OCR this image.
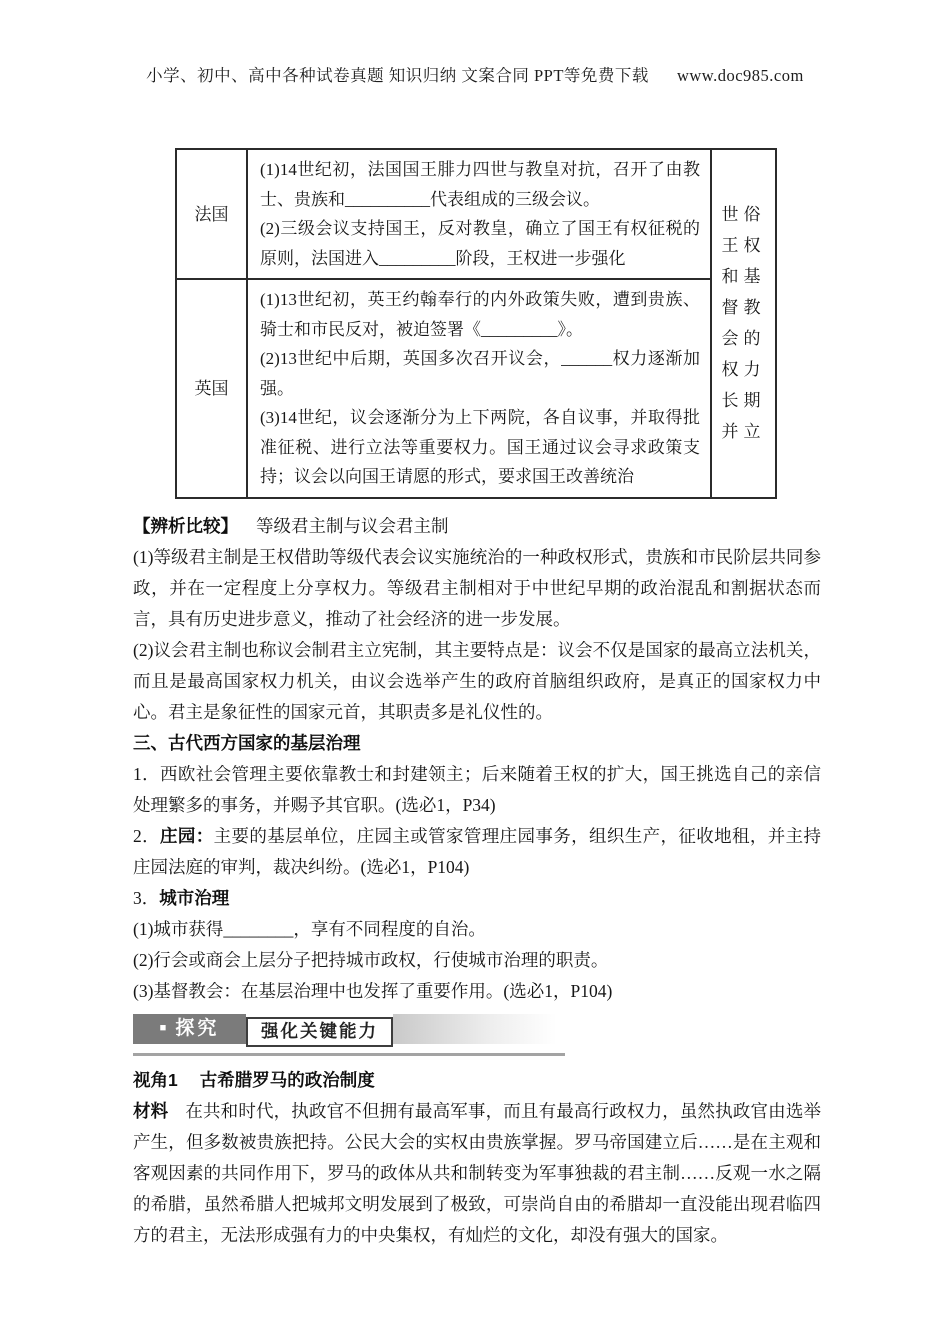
小学、初中、高中各种试卷真题 知识归纳 文案合同 PPT等免费下载 www.doc985.com
法国	(1)14世纪初，法国国王腓力四世与教皇对抗，召开了由教士、贵族和__________代表组成的三级会议。

(2)三级会议支持国王，反对教皇，确立了国王有权征税的原则，法国进入_________阶段，王权进一步强化	世俗王权和基督教会的权力长期并立

英国	(1)13世纪初，英王约翰奉行的内外政策失败，遭到贵族、骑士和市民反对，被迫签署《_________》。

(2)13世纪中后期，英国多次召开议会，______权力逐渐加强。

(3)14世纪，议会逐渐分为上下两院，各自议事，并取得批准征税、进行立法等重要权力。国王通过议会寻求政策支持；议会以向国王请愿的形式，要求国王改善统治	

【辨析比较】 等级君主制与议会君主制

(1)等级君主制是王权借助等级代表会议实施统治的一种政权形式，贵族和市民阶层共同参政，并在一定程度上分享权力。等级君主制相对于中世纪早期的政治混乱和割据状态而言，具有历史进步意义，推动了社会经济的进一步发展。

(2)议会君主制也称议会制君主立宪制，其主要特点是：议会不仅是国家的最高立法机关，而且是最高国家权力机关，由议会选举产生的政府首脑组织政府，是真正的国家权力中心。君主是象征性的国家元首，其职责多是礼仪性的。

三、古代西方国家的基层治理

1．西欧社会管理主要依靠教士和封建领主；后来随着王权的扩大，国王挑选自己的亲信处理繁多的事务，并赐予其官职。(选必1，P34)

2．庄园：主要的基层单位，庄园主或管家管理庄园事务，组织生产，征收地租，并主持庄园法庭的审判，裁决纠纷。(选必1，P104)

3．城市治理

(1)城市获得________，享有不同程度的自治。

(2)行会或商会上层分子把持城市政权，行使城市治理的职责。

(3)基督教会：在基层治理中也发挥了重要作用。(选必1，P104)

■ 探究	强化关键能力

视角1 古希腊罗马的政治制度

材料 在共和时代，执政官不但拥有最高军事，而且有最高行政权力，虽然执政官由选举产生，但多数被贵族把持。公民大会的实权由贵族掌握。罗马帝国建立后……是在主观和客观因素的共同作用下，罗马的政体从共和制转变为军事独裁的君主制……反观一水之隔的希腊，虽然希腊人把城邦文明发展到了极致，可崇尚自由的希腊却一直没能出现君临四方的君主，无法形成强有力的中央集权，有灿烂的文化，却没有强大的国家。
